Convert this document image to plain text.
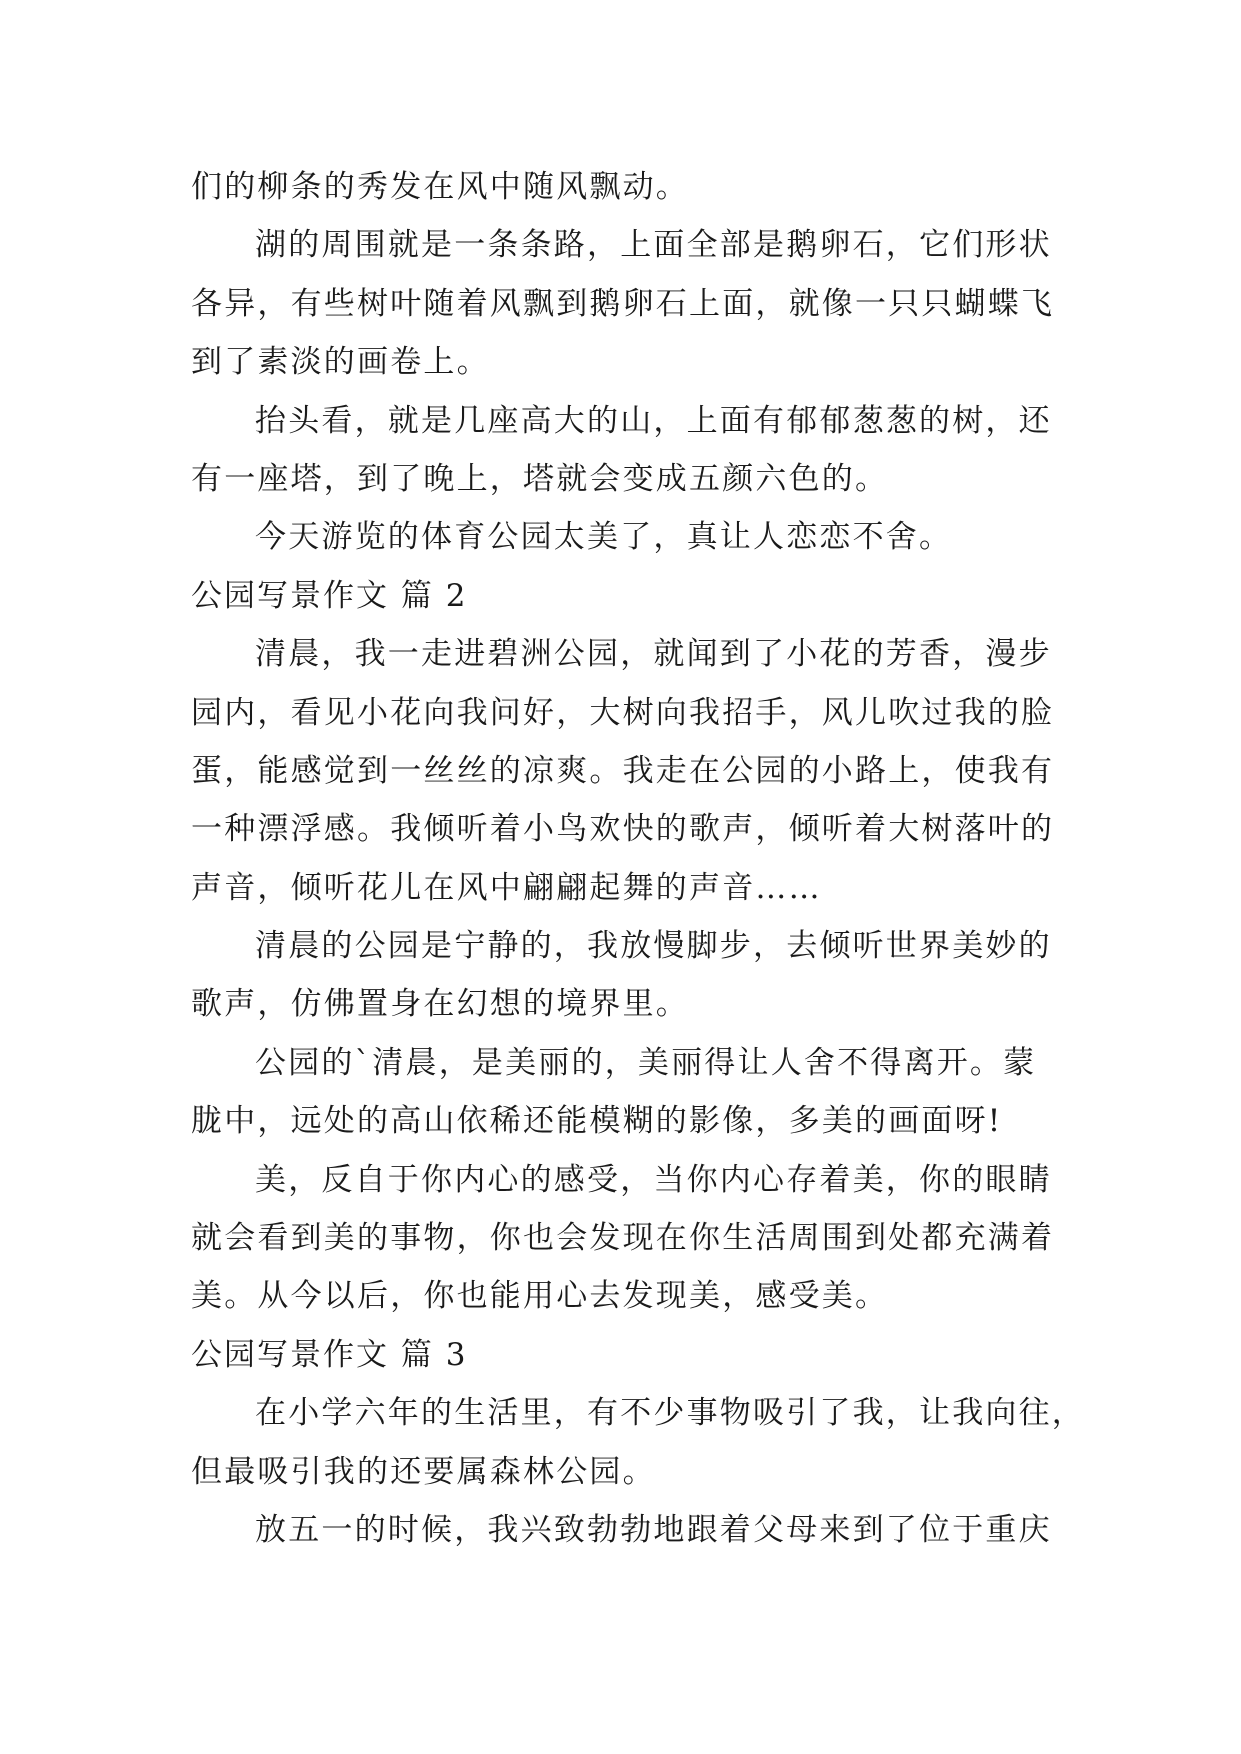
们的柳条的秀发在风中随风飘动。
湖的周围就是一条条路，上面全部是鹅卵石，它们形状
各异，有些树叶随着风飘到鹅卵石上面，就像一只只蝴蝶飞
到了素淡的画卷上。
抬头看，就是几座高大的山，上面有郁郁葱葱的树，还
有一座塔，到了晚上，塔就会变成五颜六色的。
今天游览的体育公园太美了，真让人恋恋不舍。
公园写景作文 篇 2
清晨，我一走进碧洲公园，就闻到了小花的芳香，漫步
园内，看见小花向我问好，大树向我招手，风儿吹过我的脸
蛋，能感觉到一丝丝的凉爽。我走在公园的小路上，使我有
一种漂浮感。我倾听着小鸟欢快的歌声，倾听着大树落叶的
声音，倾听花儿在风中翩翩起舞的声音……
清晨的公园是宁静的，我放慢脚步，去倾听世界美妙的
歌声，仿佛置身在幻想的境界里。
公园的`清晨，是美丽的，美丽得让人舍不得离开。蒙
胧中，远处的高山依稀还能模糊的影像，多美的画面呀!
美，反自于你内心的感受，当你内心存着美，你的眼睛
就会看到美的事物，你也会发现在你生活周围到处都充满着
美。从今以后，你也能用心去发现美，感受美。
公园写景作文 篇 3
在小学六年的生活里，有不少事物吸引了我，让我向往，
但最吸引我的还要属森林公园。
放五一的时候，我兴致勃勃地跟着父母来到了位于重庆
